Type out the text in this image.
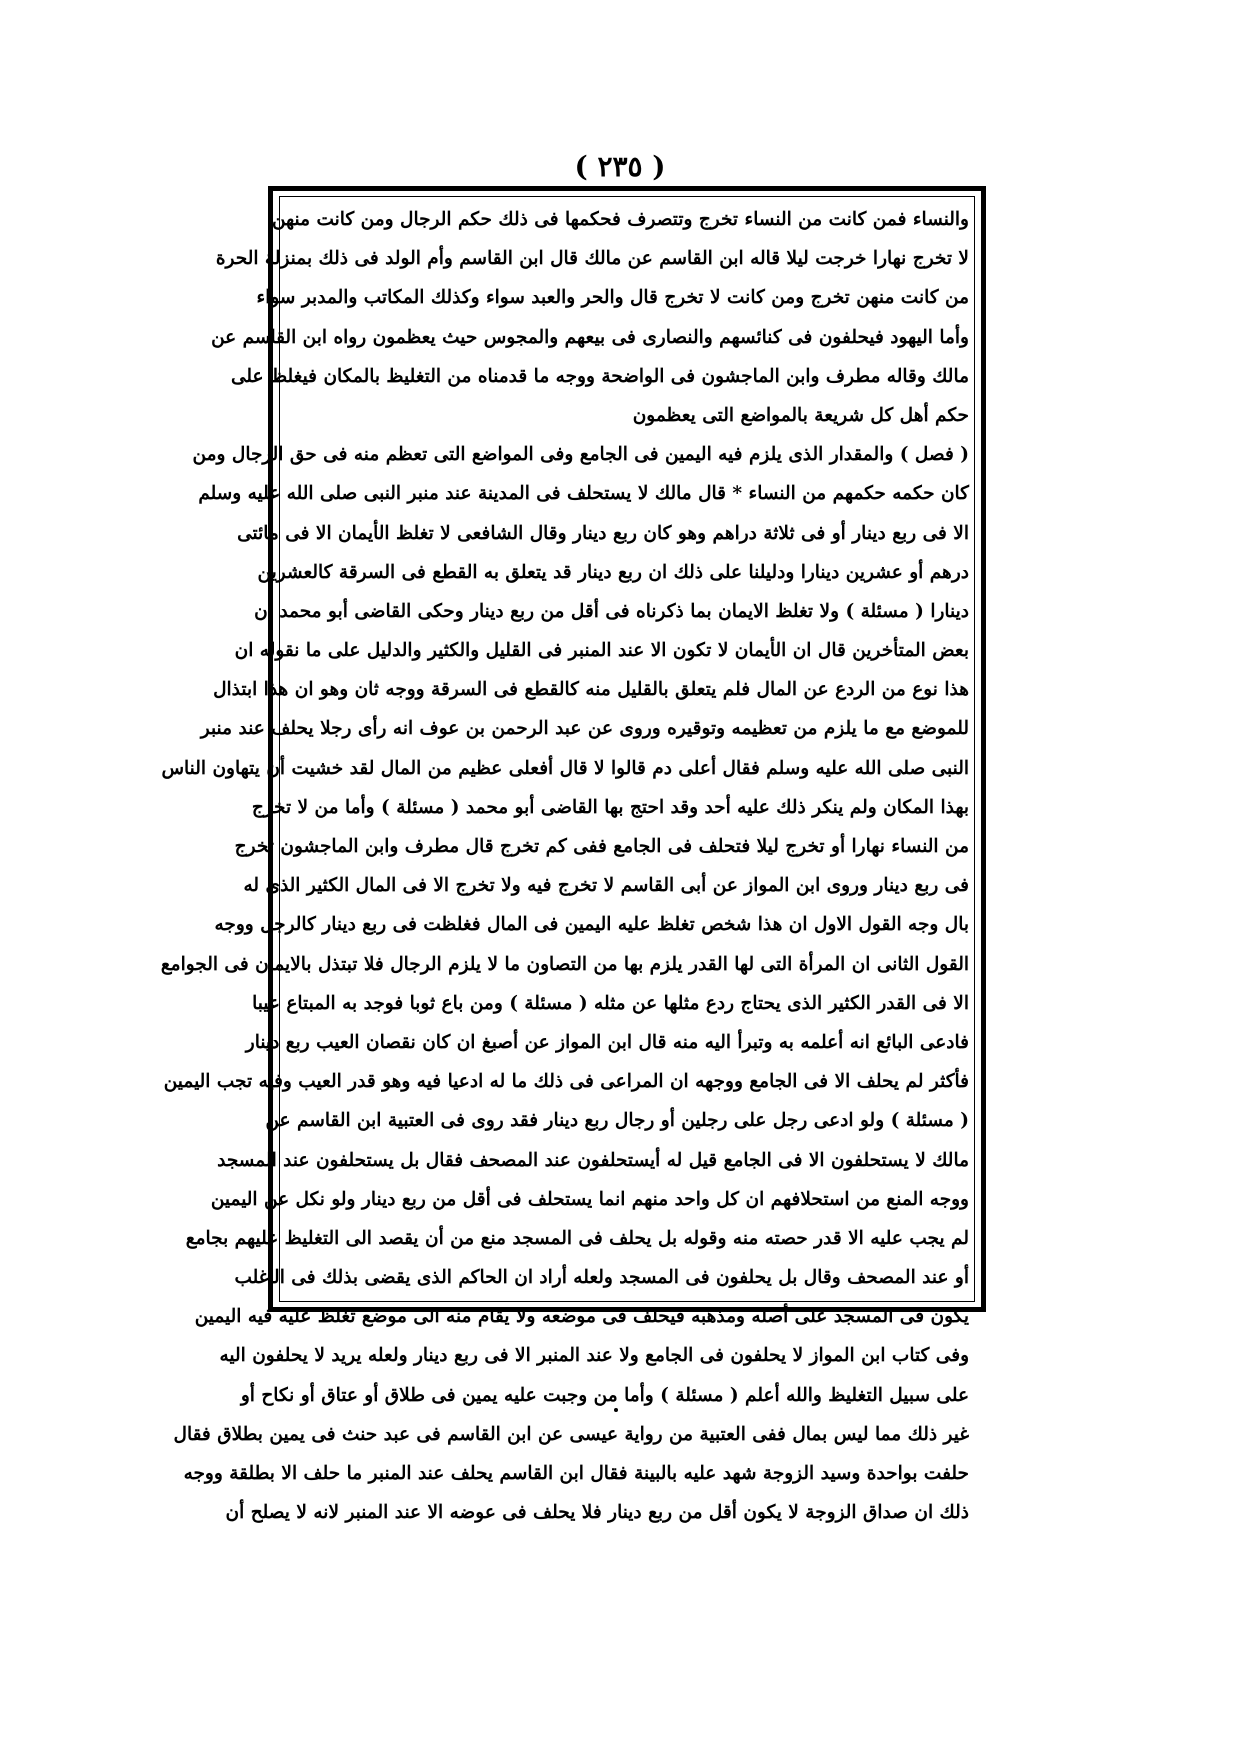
( ٢٣٥ )
والنساء فمن كانت من النساء تخرج وتتصرف فحكمها فى ذلك حكم الرجال ومن كانت منهن
لا تخرج نهارا خرجت ليلا قاله ابن القاسم عن مالك قال ابن القاسم وأم الولد فى ذلك بمنزلة الحرة
من كانت منهن تخرج ومن كانت لا تخرج قال والحر والعبد سواء وكذلك المكاتب والمدبر سواء
وأما اليهود فيحلفون فى كنائسهم والنصارى فى بيعهم والمجوس حيث يعظمون رواه ابن القاسم عن
مالك وقاله مطرف وابن الماجشون فى الواضحة ووجه ما قدمناه من التغليظ بالمكان فيغلظ على
حكم أهل كل شريعة بالمواضع التى يعظمون
( فصل ) والمقدار الذى يلزم فيه اليمين فى الجامع وفى المواضع التى تعظم منه فى حق الرجال ومن
كان حكمه حكمهم من النساء * قال مالك لا يستحلف فى المدينة عند منبر النبى صلى الله عليه وسلم
الا فى ربع دينار أو فى ثلاثة دراهم وهو كان ربع دينار وقال الشافعى لا تغلظ الأيمان الا فى مائتى
درهم أو عشرين دينارا ودليلنا على ذلك ان ربع دينار قد يتعلق به القطع فى السرقة كالعشرين
دينارا ( مسئلة ) ولا تغلظ الايمان بما ذكرناه فى أقل من ربع دينار وحكى القاضى أبو محمد ان
بعض المتأخرين قال ان الأيمان لا تكون الا عند المنبر فى القليل والكثير والدليل على ما نقوله ان
هذا نوع من الردع عن المال فلم يتعلق بالقليل منه كالقطع فى السرقة ووجه ثان وهو ان هذا ابتذال
للموضع مع ما يلزم من تعظيمه وتوقيره وروى عن عبد الرحمن بن عوف انه رأى رجلا يحلف عند منبر
النبى صلى الله عليه وسلم فقال أعلى دم قالوا لا قال أفعلى عظيم من المال لقد خشيت أن يتهاون الناس
بهذا المكان ولم ينكر ذلك عليه أحد وقد احتج بها القاضى أبو محمد ( مسئلة ) وأما من لا تخرج
من النساء نهارا أو تخرج ليلا فتحلف فى الجامع ففى كم تخرج قال مطرف وابن الماجشون تخرج
فى ربع دينار وروى ابن المواز عن أبى القاسم لا تخرج فيه ولا تخرج الا فى المال الكثير الذى له
بال وجه القول الاول ان هذا شخص تغلظ عليه اليمين فى المال فغلظت فى ربع دينار كالرجل ووجه
القول الثانى ان المرأة التى لها القدر يلزم بها من التصاون ما لا يلزم الرجال فلا تبتذل بالايمان فى الجوامع
الا فى القدر الكثير الذى يحتاج ردع مثلها عن مثله ( مسئلة ) ومن باع ثوبا فوجد به المبتاع عيبا
فادعى البائع انه أعلمه به وتبرأ اليه منه قال ابن المواز عن أصبغ ان كان نقصان العيب ربع دينار
فأكثر لم يحلف الا فى الجامع ووجهه ان المراعى فى ذلك ما له ادعيا فيه وهو قدر العيب وفيه تجب اليمين
( مسئلة ) ولو ادعى رجل على رجلين أو رجال ربع دينار فقد روى فى العتبية ابن القاسم عن
مالك لا يستحلفون الا فى الجامع قيل له أيستحلفون عند المصحف فقال بل يستحلفون عند المسجد
ووجه المنع من استحلافهم ان كل واحد منهم انما يستحلف فى أقل من ربع دينار ولو نكل عن اليمين
لم يجب عليه الا قدر حصته منه وقوله بل يحلف فى المسجد منع من أن يقصد الى التغليظ عليهم بجامع
أو عند المصحف وقال بل يحلفون فى المسجد ولعله أراد ان الحاكم الذى يقضى بذلك فى الأغلب
يكون فى المسجد على أصله ومذهبه فيحلف فى موضعه ولا يقام منه الى موضع تغلظ عليه فيه اليمين
وفى كتاب ابن المواز لا يحلفون فى الجامع ولا عند المنبر الا فى ربع دينار ولعله يريد لا يحلفون اليه
على سبيل التغليظ والله أعلم ( مسئلة ) وأما من وجبت عليه يمين فى طلاق أو عتاق أو نكاح أو
غير ذلك مما ليس بمال ففى العتبية من رواية عيسى عن ابن القاسم فى عبد حنث فى يمين بطلاق فقال
حلفت بواحدة وسيد الزوجة شهد عليه بالبينة فقال ابن القاسم يحلف عند المنبر ما حلف الا بطلقة ووجه
ذلك ان صداق الزوجة لا يكون أقل من ربع دينار فلا يحلف فى عوضه الا عند المنبر لانه لا يصلح أن
